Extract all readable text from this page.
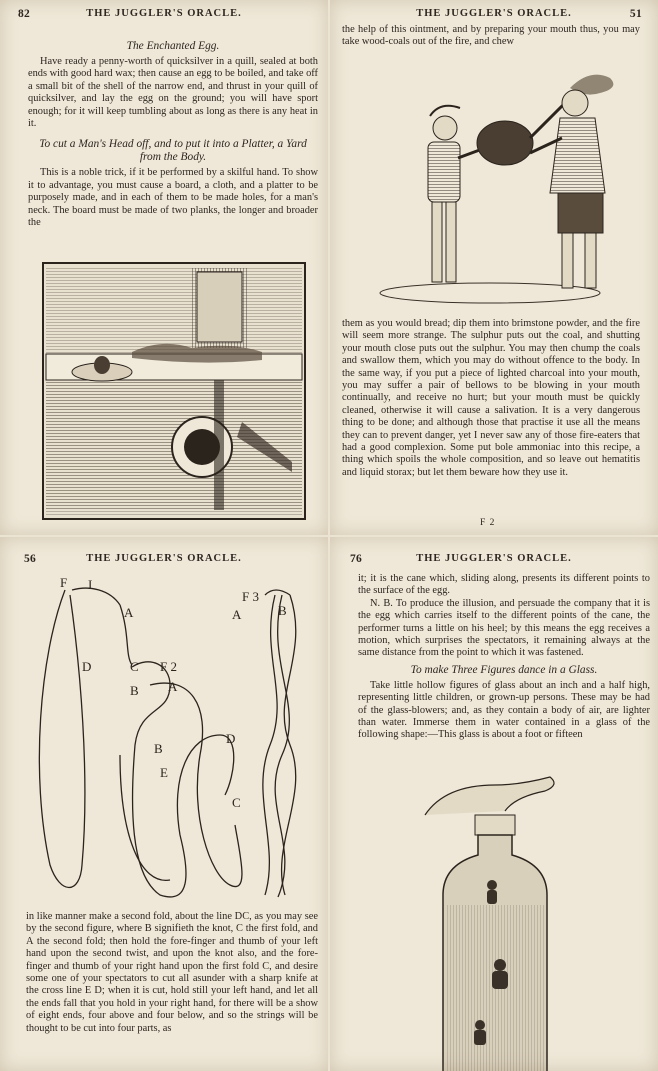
82	THE JUGGLER'S ORACLE.
The Enchanted Egg.

Have ready a penny-worth of quicksilver in a quill, sealed at both ends with good hard wax; then cause an egg to be boiled, and take off a small bit of the shell of the narrow end, and thrust in your quill of quicksilver, and lay the egg on the ground; you will have sport enough; for it will keep tumbling about as long as there is any heat in it.

To cut a Man's Head off, and to put it into a Platter, a Yard from the Body.

This is a noble trick, if it be performed by a skilful hand. To show it to advantage, you must cause a board, a cloth, and a platter to be purposely made, and in each of them to be made holes, for a man's neck. The board must be made of two planks, the longer and broader the

THE JUGGLER'S ORACLE.	51

the help of this ointment, and by preparing your mouth thus, you may take wood-coals out of the fire, and chew

them as you would bread; dip them into brimstone powder, and the fire will seem more strange. The sulphur puts out the coal, and shutting your mouth close puts out the sulphur. You may then chump the coals and swallow them, which you may do without offence to the body. In the same way, if you put a piece of lighted charcoal into your mouth, you may suffer a pair of bellows to be blowing in your mouth continually, and receive no hurt; but your mouth must be quickly cleaned, otherwise it will cause a salivation. It is a very dangerous thing to be done; and although those that practise it use all the means they can to prevent danger, yet I never saw any of those fire-eaters that had a good complexion. Some put bole ammoniac into this recipe, a thing which spoils the whole composition, and so leave out hematitis and liquid storax; but let them beware how they use it.

F 2
56	THE JUGGLER'S ORACLE.
F I
A
D	C F 2
B A
B
E
D
C
F 3
A	B

in like manner make a second fold, about the line DC, as you may see by the second figure, where B signifieth the knot, C the first fold, and A the second fold; then hold the fore-finger and thumb of your left hand upon the second twist, and upon the knot also, and the fore-finger and thumb of your right hand upon the first fold C, and desire some one of your spectators to cut all asunder with a sharp knife at the cross line E D; when it is cut, hold still your left hand, and let all the ends fall that you hold in your right hand, for there will be a show of eight ends, four above and four below, and so the strings will be thought to be cut into four parts, as

76	THE JUGGLER'S ORACLE.

it; it is the cane which, sliding along, presents its different points to the surface of the egg.

N. B. To produce the illusion, and persuade the company that it is the egg which carries itself to the different points of the cane, the performer turns a little on his heel; by this means the egg receives a motion, which surprises the spectators, it remaining always at the same distance from the point to which it was fastened.

To make Three Figures dance in a Glass.

Take little hollow figures of glass about an inch and a half high, representing little children, or grown-up persons. These may be had of the glass-blowers; and, as they contain a body of air, are lighter than water. Immerse them in water contained in a glass of the following shape:—This glass is about a foot or fifteen
